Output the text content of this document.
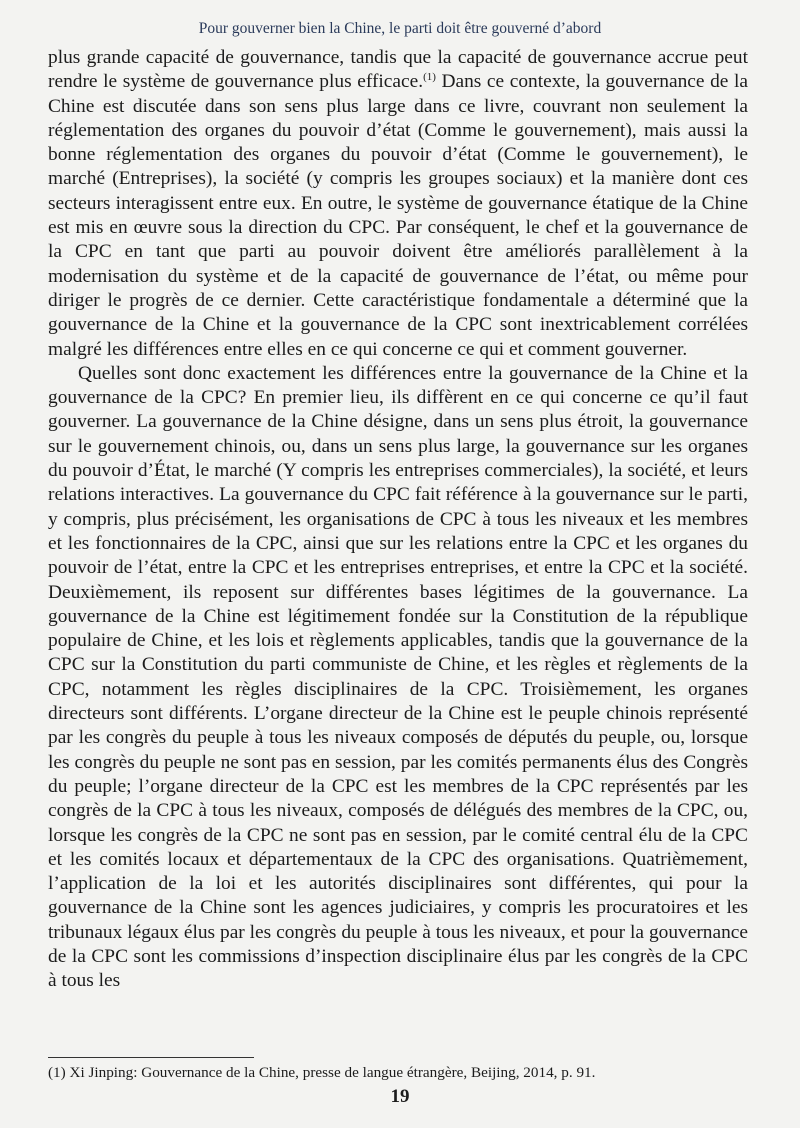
Pour gouverner bien la Chine, le parti doit être gouverné d’abord

plus grande capacité de gouvernance, tandis que la capacité de gouvernance accrue peut rendre le système de gouvernance plus efficace.$^{(1)}$ Dans ce contexte, la gouvernance de la Chine est discutée dans son sens plus large dans ce livre, couvrant non seulement la réglementation des organes du pouvoir d’état (Comme le gouvernement), mais aussi la bonne réglementation des organes du pouvoir d’état (Comme le gouvernement), le marché (Entreprises), la société (y compris les groupes sociaux) et la manière dont ces secteurs interagissent entre eux. En outre, le système de gouvernance étatique de la Chine est mis en œuvre sous la direction du CPC. Par conséquent, le chef et la gouvernance de la CPC en tant que parti au pouvoir doivent être améliorés parallèlement à la modernisation du système et de la capacité de gouvernance de l’état, ou même pour diriger le progrès de ce dernier. Cette caractéristique fondamentale a déterminé que la gouvernance de la Chine et la gouvernance de la CPC sont inextricablement corrélées malgré les différences entre elles en ce qui concerne ce qui et comment gouverner.

Quelles sont donc exactement les différences entre la gouvernance de la Chine et la gouvernance de la CPC? En premier lieu, ils diffèrent en ce qui concerne ce qu’il faut gouverner. La gouvernance de la Chine désigne, dans un sens plus étroit, la gouvernance sur le gouvernement chinois, ou, dans un sens plus large, la gouvernance sur les organes du pouvoir d’État, le marché (Y compris les entreprises commerciales), la société, et leurs relations interactives. La gouvernance du CPC fait référence à la gouvernance sur le parti, y compris, plus précisément, les organisations de CPC à tous les niveaux et les membres et les fonctionnaires de la CPC, ainsi que sur les relations entre la CPC et les organes du pouvoir de l’état, entre la CPC et les entreprises entreprises, et entre la CPC et la société. Deuxièmement, ils reposent sur différentes bases légitimes de la gouvernance. La gouvernance de la Chine est légitimement fondée sur la Constitution de la république populaire de Chine, et les lois et règlements applicables, tandis que la gouvernance de la CPC sur la Constitution du parti communiste de Chine, et les règles et règlements de la CPC, notamment les règles disciplinaires de la CPC. Troisièmement, les organes directeurs sont différents. L’organe directeur de la Chine est le peuple chinois représenté par les congrès du peuple à tous les niveaux composés de députés du peuple, ou, lorsque les congrès du peuple ne sont pas en session, par les comités permanents élus des Congrès du peuple; l’organe directeur de la CPC est les membres de la CPC représentés par les congrès de la CPC à tous les niveaux, composés de délégués des membres de la CPC, ou, lorsque les congrès de la CPC ne sont pas en session, par le comité central élu de la CPC et les comités locaux et départementaux de la CPC des organisations. Quatrièmement, l’application de la loi et les autorités disciplinaires sont différentes, qui pour la gouvernance de la Chine sont les agences judiciaires, y compris les procuratoires et les tribunaux légaux élus par les congrès du peuple à tous les niveaux, et pour la gouvernance de la CPC sont les commissions d’inspection disciplinaire élus par les congrès de la CPC à tous les

(1) Xi Jinping: Gouvernance de la Chine, presse de langue étrangère, Beijing, 2014, p. 91.
19
